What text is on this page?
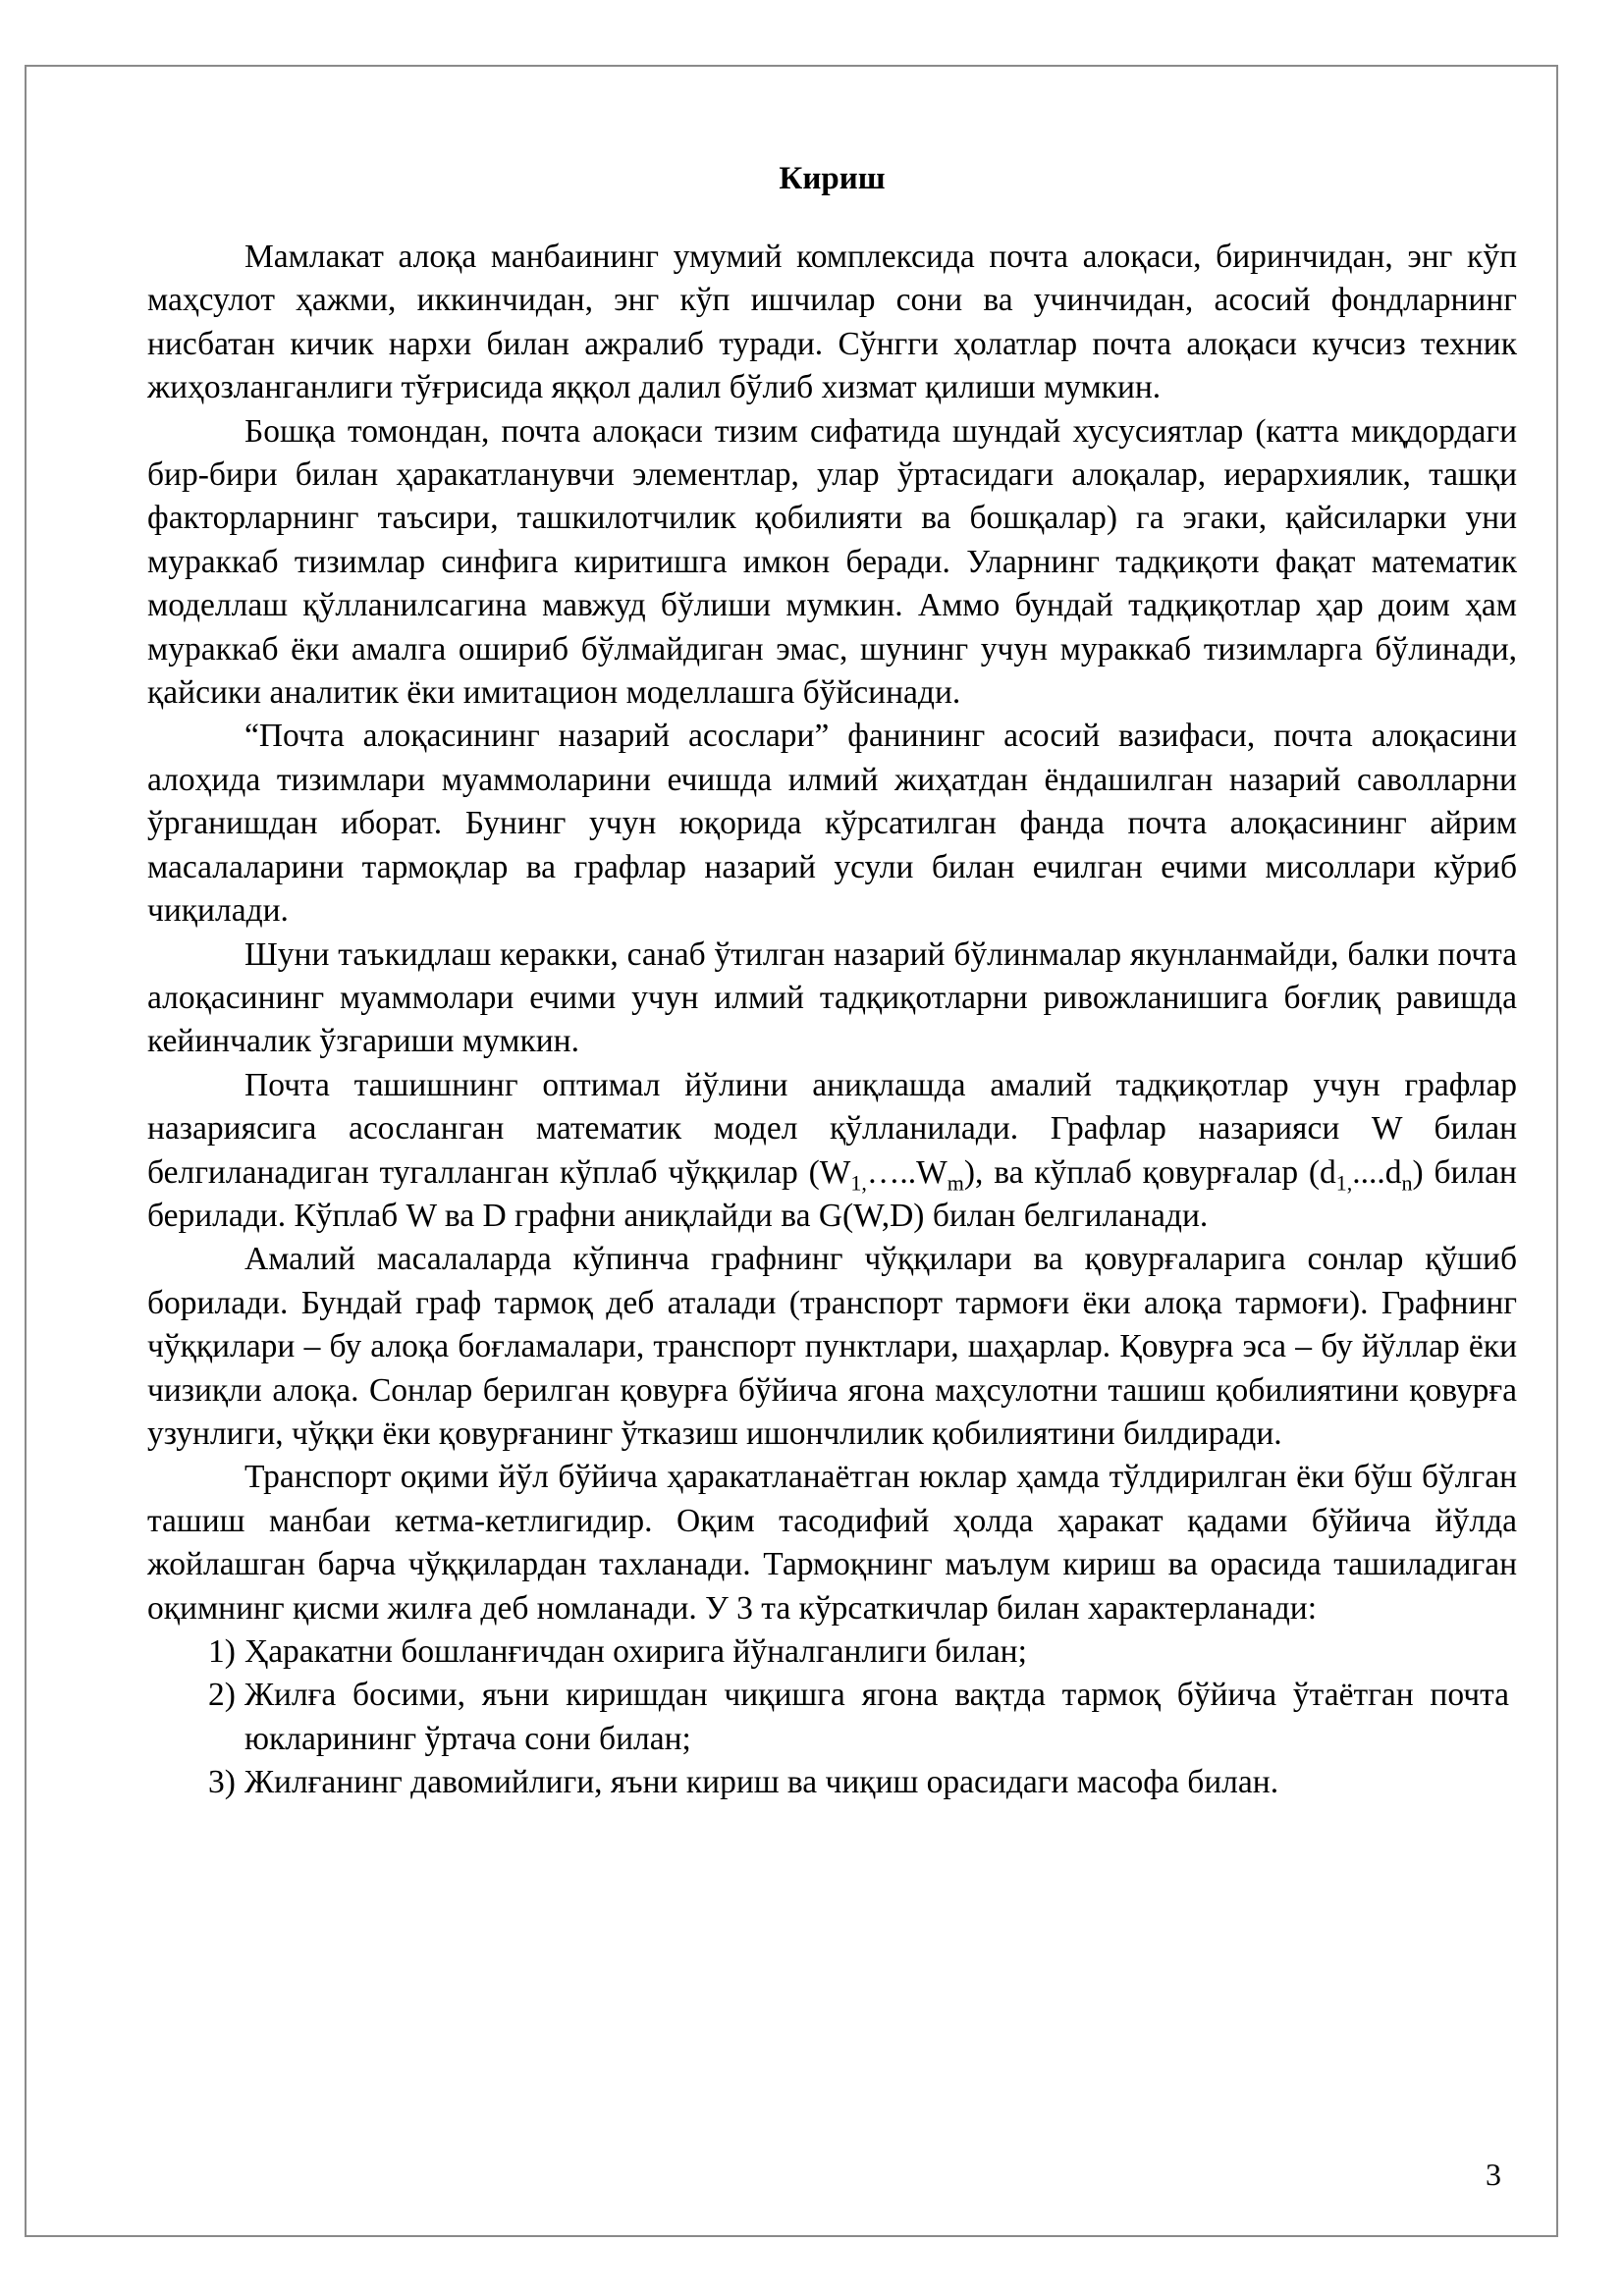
Кириш

Мамлакат алоқа манбаининг умумий комплексида почта алоқаси, биринчидан, энг кўп маҳсулот ҳажми, иккинчидан, энг кўп ишчилар сони ва учинчидан, асосий фондларнинг нисбатан кичик нархи билан ажралиб туради. Сўнгги ҳолатлар почта алоқаси кучсиз техник жиҳозланганлиги тўғрисида яққол далил бўлиб хизмат қилиши мумкин.

Бошқа томондан, почта алоқаси тизим сифатида шундай хусусиятлар (катта миқдордаги бир-бири билан ҳаракатланувчи элементлар, улар ўртасидаги алоқалар, иерархиялик, ташқи факторларнинг таъсири, ташкилотчилик қобилияти ва бошқалар) га эгаки, қайсиларки уни мураккаб тизимлар синфига киритишга имкон беради. Уларнинг тадқиқоти фақат математик моделлаш қўлланилсагина мавжуд бўлиши мумкин. Аммо бундай тадқиқотлар ҳар доим ҳам мураккаб ёки амалга ошириб бўлмайдиган эмас, шунинг учун мураккаб тизимларга бўлинади, қайсики аналитик ёки имитацион моделлашга бўйсинади.

“Почта алоқасининг назарий асослари” фанининг асосий вазифаси, почта алоқасини алоҳида тизимлари муаммоларини ечишда илмий жиҳатдан ёндашилган назарий саволларни ўрганишдан иборат. Бунинг учун юқорида кўрсатилган фанда почта алоқасининг айрим масалаларини тармоқлар ва графлар назарий усули билан ечилган ечими мисоллари кўриб чиқилади.

Шуни таъкидлаш керакки, санаб ўтилган назарий бўлинмалар якунланмайди, балки почта алоқасининг муаммолари ечими учун илмий тадқиқотларни ривожланишига боғлиқ равишда кейинчалик ўзгариши мумкин.

Почта ташишнинг оптимал йўлини аниқлашда амалий тадқиқотлар учун графлар назариясига асосланган математик модел қўлланилади. Графлар назарияси W билан белгиланадиган тугалланган кўплаб чўққилар $(W_{1,}\dots..W_m)$, ва кўплаб қовурғалар $(d_{1,}....d_n)$ билан берилади. Кўплаб W ва D графни аниқлайди ва G(W,D) билан белгиланади.

Амалий масалаларда кўпинча графнинг чўққилари ва қовурғаларига сонлар қўшиб борилади. Бундай граф тармоқ деб аталади (транспорт тармоғи ёки алоқа тармоғи). Графнинг чўққилари – бу алоқа боғламалари, транспорт пунктлари, шаҳарлар. Қовурға эса – бу йўллар ёки чизиқли алоқа. Сонлар берилган қовурға бўйича ягона маҳсулотни ташиш қобилиятини қовурға узунлиги, чўққи ёки қовурғанинг ўтказиш ишончлилик қобилиятини билдиради.

Транспорт оқими йўл бўйича ҳаракатланаётган юклар ҳамда тўлдирилган ёки бўш бўлган ташиш манбаи кетма-кетлигидир. Оқим тасодифий ҳолда ҳаракат қадами бўйича йўлда жойлашган барча чўққилардан тахланади. Тармоқнинг маълум кириш ва орасида ташиладиган оқимнинг қисми жилға деб номланади. У 3 та кўрсаткичлар билан характерланади:

1) Ҳаракатни бошланғичдан охирига йўналганлиги билан;
2) Жилға босими, яъни киришдан чиқишга ягона вақтда тармоқ бўйича ўтаётган почта юкларининг ўртача сони билан;
3) Жилғанинг давомийлиги, яъни кириш ва чиқиш орасидаги масофа билан.
3
